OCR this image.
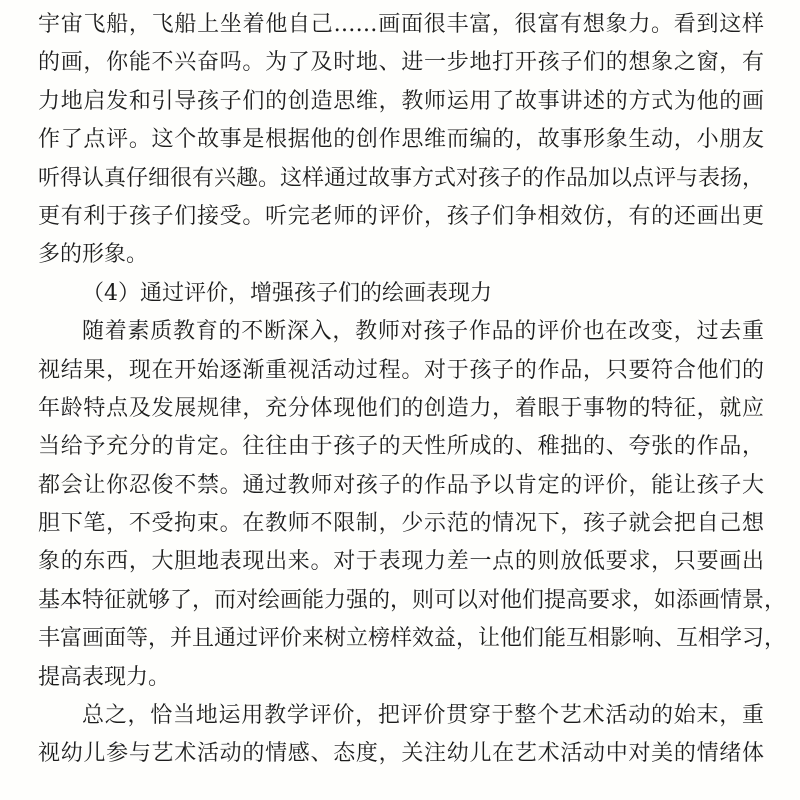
宇宙飞船，飞船上坐着他自己……画面很丰富，很富有想象力。看到这样
的画，你能不兴奋吗。为了及时地、进一步地打开孩子们的想象之窗，有
力地启发和引导孩子们的创造思维，教师运用了故事讲述的方式为他的画
作了点评。这个故事是根据他的创作思维而编的，故事形象生动，小朋友
听得认真仔细很有兴趣。这样通过故事方式对孩子的作品加以点评与表扬，
更有利于孩子们接受。听完老师的评价，孩子们争相效仿，有的还画出更
多的形象。
（4）通过评价，增强孩子们的绘画表现力
随着素质教育的不断深入，教师对孩子作品的评价也在改变，过去重
视结果，现在开始逐渐重视活动过程。对于孩子的作品，只要符合他们的
年龄特点及发展规律，充分体现他们的创造力，着眼于事物的特征，就应
当给予充分的肯定。往往由于孩子的天性所成的、稚拙的、夸张的作品，
都会让你忍俊不禁。通过教师对孩子的作品予以肯定的评价，能让孩子大
胆下笔，不受拘束。在教师不限制，少示范的情况下，孩子就会把自己想
象的东西，大胆地表现出来。对于表现力差一点的则放低要求，只要画出
基本特征就够了，而对绘画能力强的，则可以对他们提高要求，如添画情景，
丰富画面等，并且通过评价来树立榜样效益，让他们能互相影响、互相学习，
提高表现力。
总之，恰当地运用教学评价，把评价贯穿于整个艺术活动的始末，重
视幼儿参与艺术活动的情感、态度，关注幼儿在艺术活动中对美的情绪体
